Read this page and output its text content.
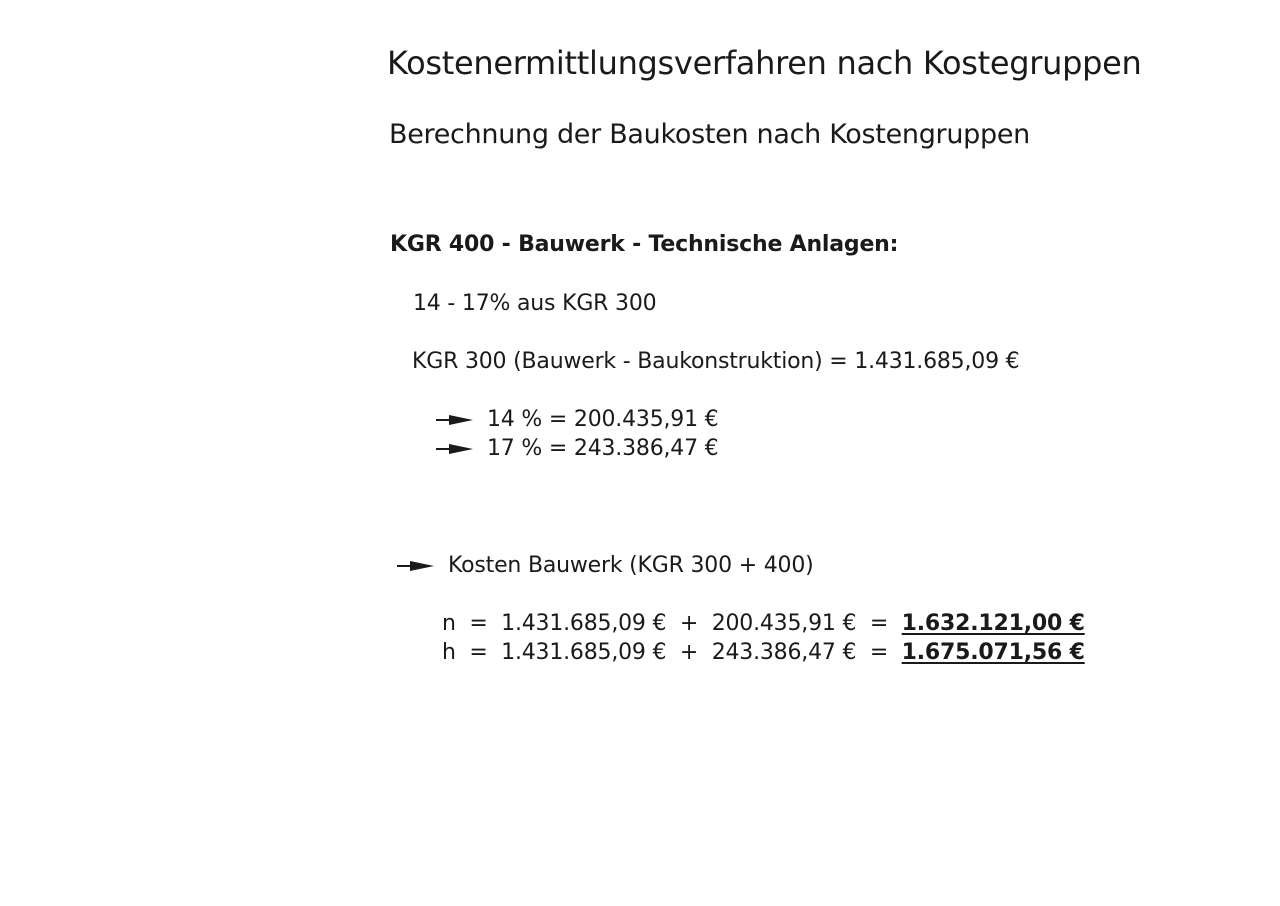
Kostenermittlungsverfahren nach Kostegruppen
Berechnung der Baukosten nach Kostengruppen
KGR 400 - Bauwerk - Technische Anlagen:
14 - 17% aus KGR 300
KGR 300 (Bauwerk - Baukonstruktion) = 1.431.685,09 €
14 % = 200.435,91 €
17 % = 243.386,47 €
Kosten Bauwerk (KGR 300 + 400)
n  =  1.431.685,09 €  +  200.435,91 €  =  1.632.121,00 €
h  =  1.431.685,09 €  +  243.386,47 €  =  1.675.071,56 €
